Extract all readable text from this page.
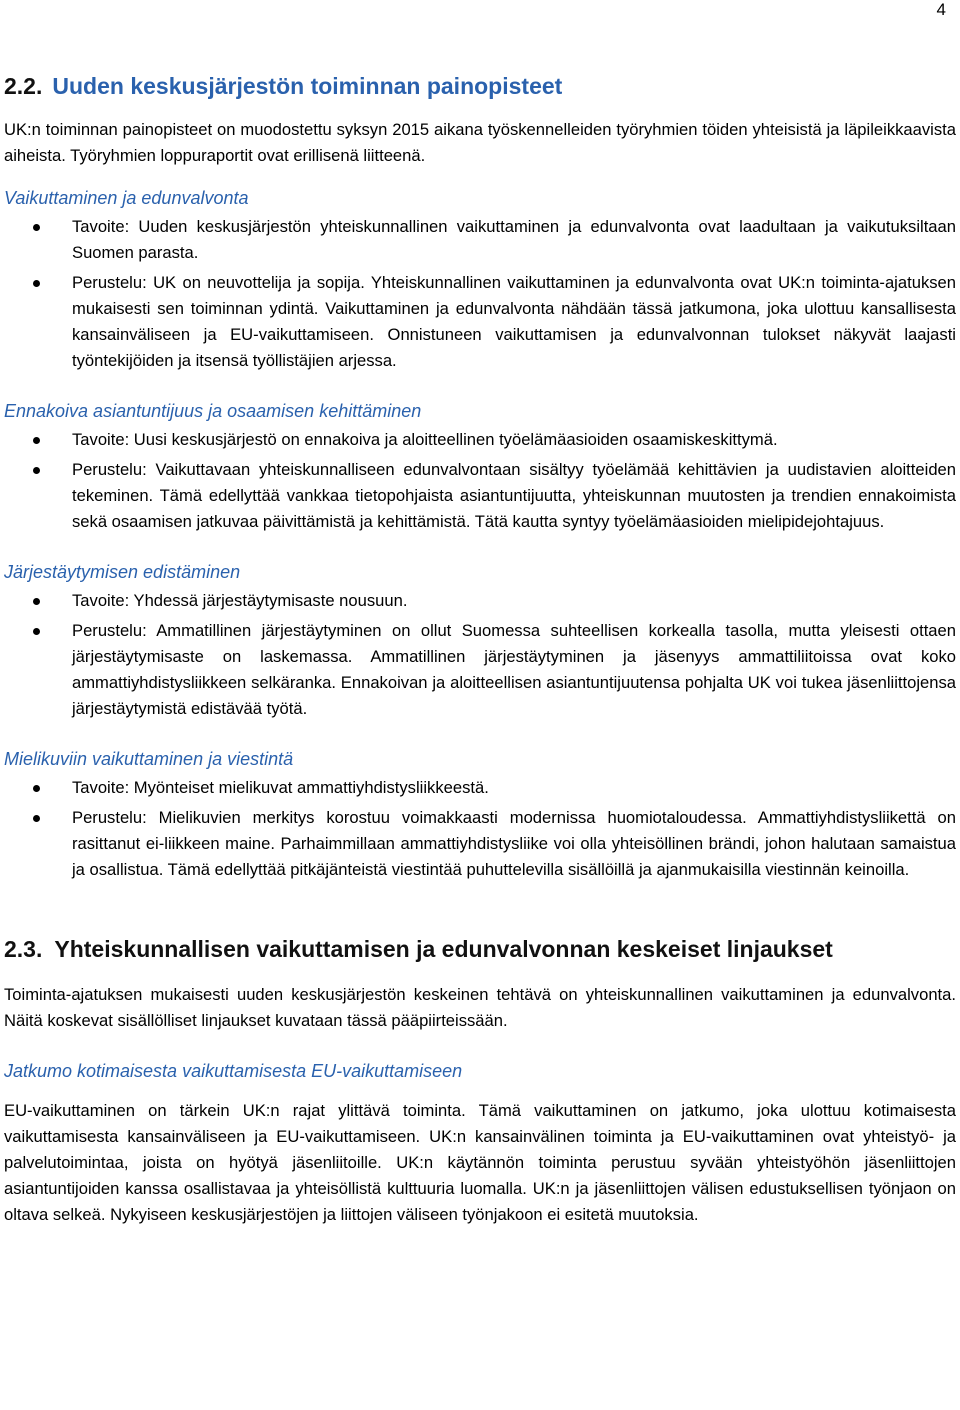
4
2.2. Uuden keskusjärjestön toiminnan painopisteet

UK:n toiminnan painopisteet on muodostettu syksyn 2015 aikana työskennelleiden työryhmien töiden yhteisistä ja läpileikkaavista aiheista. Työryhmien loppuraportit ovat erillisenä liitteenä.

Vaikuttaminen ja edunvalvonta
Tavoite: Uuden keskusjärjestön yhteiskunnallinen vaikuttaminen ja edunvalvonta ovat laadultaan ja vaikutuksiltaan Suomen parasta.
Perustelu: UK on neuvottelija ja sopija. Yhteiskunnallinen vaikuttaminen ja edunvalvonta ovat UK:n toiminta-ajatuksen mukaisesti sen toiminnan ydintä. Vaikuttaminen ja edunvalvonta nähdään tässä jatkumona, joka ulottuu kansallisesta kansainväliseen ja EU-vaikuttamiseen. Onnistuneen vaikuttamisen ja edunvalvonnan tulokset näkyvät laajasti työntekijöiden ja itsensä työllistäjien arjessa.
Ennakoiva asiantuntijuus ja osaamisen kehittäminen
Tavoite: Uusi keskusjärjestö on ennakoiva ja aloitteellinen työelämäasioiden osaamiskeskittymä.
Perustelu: Vaikuttavaan yhteiskunnalliseen edunvalvontaan sisältyy työelämää kehittävien ja uudistavien aloitteiden tekeminen. Tämä edellyttää vankkaa tietopohjaista asiantuntijuutta, yhteiskunnan muutosten ja trendien ennakoimista sekä osaamisen jatkuvaa päivittämistä ja kehittämistä. Tätä kautta syntyy työelämäasioiden mielipidejohtajuus.
Järjestäytymisen edistäminen
Tavoite: Yhdessä järjestäytymisaste nousuun.
Perustelu: Ammatillinen järjestäytyminen on ollut Suomessa suhteellisen korkealla tasolla, mutta yleisesti ottaen järjestäytymisaste on laskemassa. Ammatillinen järjestäytyminen ja jäsenyys ammattiliitoissa ovat koko ammattiyhdistysliikkeen selkäranka. Ennakoivan ja aloitteellisen asiantuntijuutensa pohjalta UK voi tukea jäsenliittojensa järjestäytymistä edistävää työtä.
Mielikuviin vaikuttaminen ja viestintä
Tavoite: Myönteiset mielikuvat ammattiyhdistysliikkeestä.
Perustelu: Mielikuvien merkitys korostuu voimakkaasti modernissa huomiotaloudessa. Ammattiyhdistysliikettä on rasittanut ei-liikkeen maine. Parhaimmillaan ammattiyhdistysliike voi olla yhteisöllinen brändi, johon halutaan samaistua ja osallistua. Tämä edellyttää pitkäjänteistä viestintää puhuttelevilla sisällöillä ja ajanmukaisilla viestinnän keinoilla.
2.3. Yhteiskunnallisen vaikuttamisen ja edunvalvonnan keskeiset linjaukset

Toiminta-ajatuksen mukaisesti uuden keskusjärjestön keskeinen tehtävä on yhteiskunnallinen vaikuttaminen ja edunvalvonta. Näitä koskevat sisällölliset linjaukset kuvataan tässä pääpiirteissään.

Jatkumo kotimaisesta vaikuttamisesta EU-vaikuttamiseen

EU-vaikuttaminen on tärkein UK:n rajat ylittävä toiminta. Tämä vaikuttaminen on jatkumo, joka ulottuu kotimaisesta vaikuttamisesta kansainväliseen ja EU-vaikuttamiseen. UK:n kansainvälinen toiminta ja EU-vaikuttaminen ovat yhteistyö- ja palvelutoimintaa, joista on hyötyä jäsenliitoille. UK:n käytännön toiminta perustuu syvään yhteistyöhön jäsenliittojen asiantuntijoiden kanssa osallistavaa ja yhteisöllistä kulttuuria luomalla. UK:n ja jäsenliittojen välisen edustuksellisen työnjaon on oltava selkeä. Nykyiseen keskusjärjestöjen ja liittojen väliseen työnjakoon ei esitetä muutoksia.
